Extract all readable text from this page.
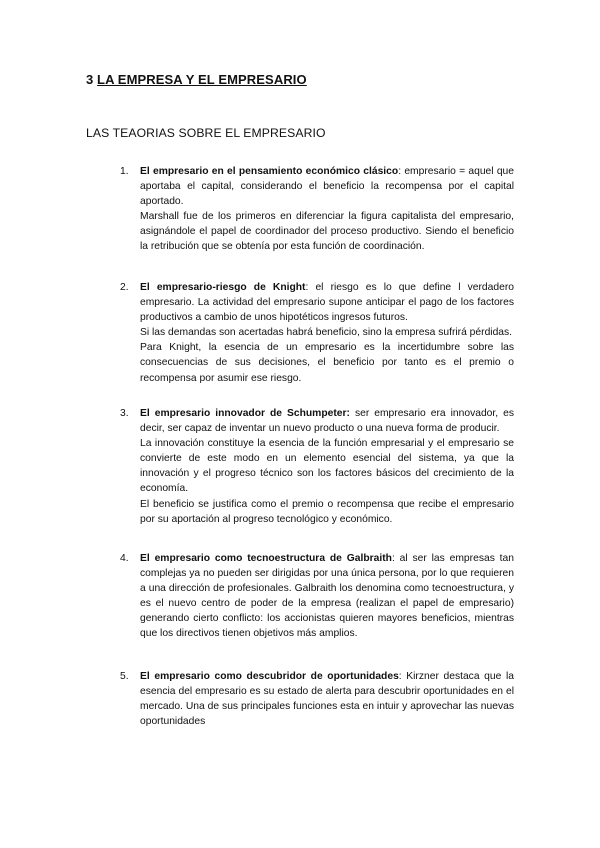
3 LA EMPRESA Y EL EMPRESARIO
LAS TEAORIAS SOBRE EL EMPRESARIO
1.	El empresario en el pensamiento económico clásico: empresario = aquel que aportaba el capital, considerando el beneficio la recompensa por el capital aportado.

Marshall fue de los primeros en diferenciar la figura capitalista del empresario, asignándole el papel de coordinador del proceso productivo. Siendo el beneficio la retribución que se obtenía por esta función de coordinación.

2.	El empresario-riesgo de Knight: el riesgo es lo que define l verdadero empresario. La actividad del empresario supone anticipar el pago de los factores productivos a cambio de unos hipotéticos ingresos futuros.

Si las demandas son acertadas habrá beneficio, sino la empresa sufrirá pérdidas.

Para Knight, la esencia de un empresario es la incertidumbre sobre las consecuencias de sus decisiones, el beneficio por tanto es el premio o recompensa por asumir ese riesgo.

3.	El empresario innovador de Schumpeter: ser empresario era innovador, es decir, ser capaz de inventar un nuevo producto o una nueva forma de producir.

La innovación constituye la esencia de la función empresarial y el empresario se convierte de este modo en un elemento esencial del sistema, ya que la innovación y el progreso técnico son los factores básicos del crecimiento de la economía.

El beneficio se justifica como el premio o recompensa que recibe el empresario por su aportación al progreso tecnológico y económico.

4.	El empresario como tecnoestructura de Galbraith: al ser las empresas tan complejas ya no pueden ser dirigidas por una única persona, por lo que requieren a una dirección de profesionales. Galbraith los denomina como tecnoestructura, y es el nuevo centro de poder de la empresa (realizan el papel de empresario) generando cierto conflicto: los accionistas quieren mayores beneficios, mientras que los directivos tienen objetivos más amplios.

5.	El empresario como descubridor de oportunidades: Kirzner destaca que la esencia del empresario es su estado de alerta para descubrir oportunidades en el mercado. Una de sus principales funciones esta en intuir y aprovechar las nuevas oportunidades
